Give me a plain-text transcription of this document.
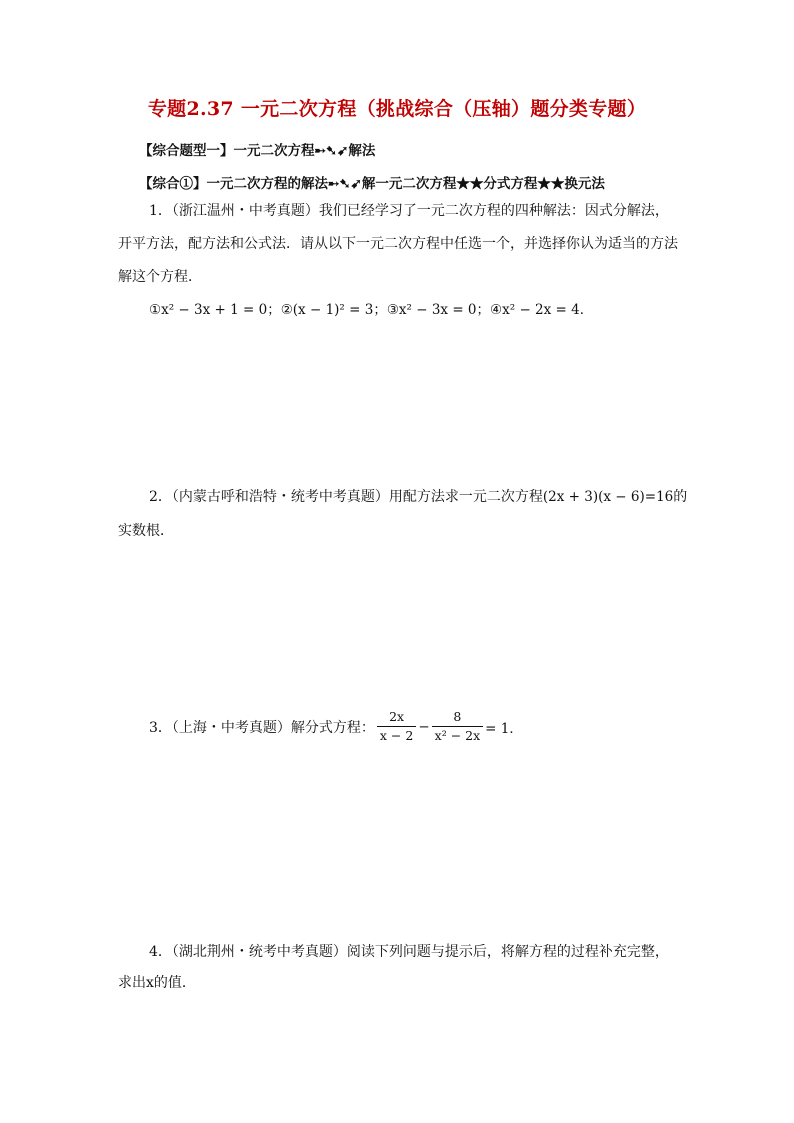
专题2.37 一元二次方程（挑战综合（压轴）题分类专题）
【综合题型一】一元二次方程➸➷➹解法
【综合①】一元二次方程的解法➸➷➹解一元二次方程★★分式方程★★换元法
1．（浙江温州・中考真题）我们已经学习了一元二次方程的四种解法：因式分解法，
开平方法，配方法和公式法．请从以下一元二次方程中任选一个，并选择你认为适当的方法
解这个方程．
①x² − 3x + 1 = 0；②(x − 1)² = 3；③x² − 3x = 0；④x² − 2x = 4．
2．（内蒙古呼和浩特・统考中考真题）用配方法求一元二次方程(2x + 3)(x − 6)=16的
实数根．
3．（上海・中考真题）解分式方程： $\frac{2x}{x - 2} - \frac{8}{\text{x² − 2x}} = 1$．
4．（湖北荆州・统考中考真题）阅读下列问题与提示后，将解方程的过程补充完整，
求出x的值．
